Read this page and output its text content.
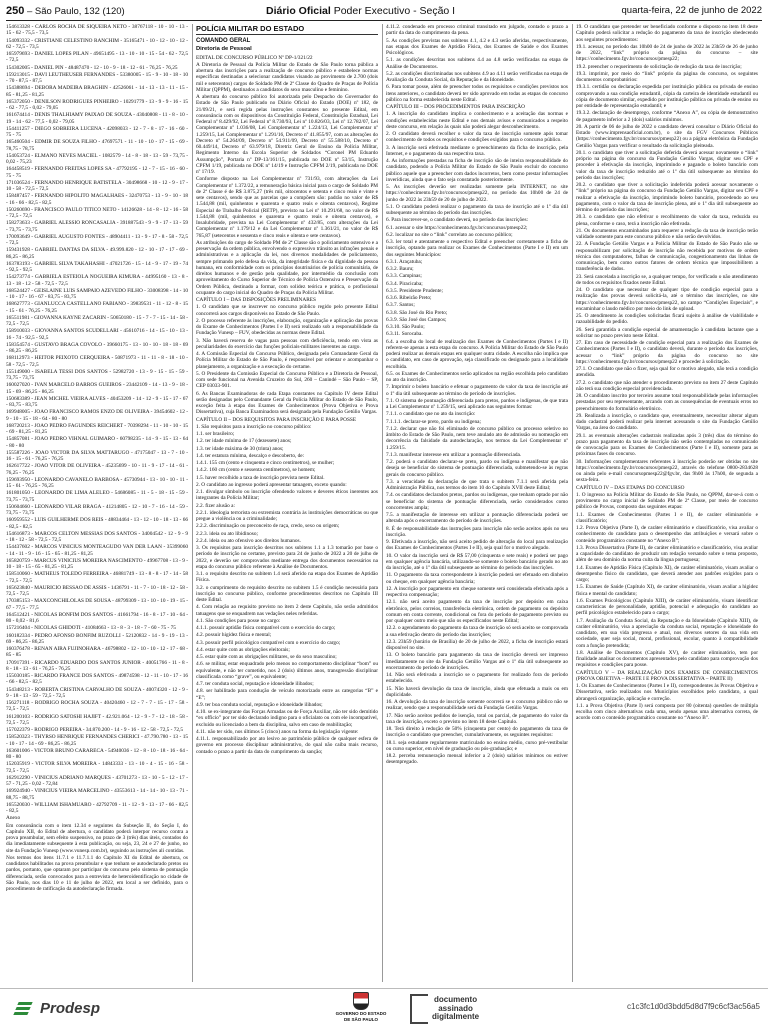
250 – São Paulo, 132 (120)	Diário Oficial Poder Executivo - Seção I	quarta-feira, 22 de junho de 2022

154613328 - CARLOS ROCHA DE SIQUEIRA NETO - 38767118 - 10 - 10 - 13 - 15 - 62 - 75,5 - 73,5

154093332 - CRISTIANE CELESTINO RANCHIM - 35165471 - 10 - 12 - 10 - 12 - 62 - 72,5 - 73,5

165979693 - DANIEL LOPES PILAN - 49651495 - 13 - 10 - 10 - 15 - 54 - 62 - 72,5 - 72,5

154302005 - DANIEL PIN - 48487470 - 12 - 10 - 9 - 18 - 12 - 61 - 76,25 - 76,25

159213015 - DAVI LEUTHEUSER FERNANDES - 53380005 - 15 - 9 - 10 - 18 - 10 - 70 - 87,5 - 87,5

154388694 - DEBORA MADEIRA BRAGHIN - 42526061 - 14 - 13 - 13 - 11 - 15 - 85 - 81,25 - 81,25

165372050 - DENILSON RODRIGUES PINHEIRO - 10291779 - 13 - 9 - 9 - 16 - 15 - 62 - 77,5 - 0,02 - 79,05

161674414 - DENIS THALHIAMY PAIXAO DE SOUZA - 43040808 - 11 - 8 - 10 - 19 - 14 - 62 - 77,5 - 0,02 - 79,05

154411257 - DIEGO SOBREIRA LUCENA - 42098033 - 12 - 7 - 8 - 17 - 16 - 60 - 75 - 75

165460504 - EDMIR DE SOUZA FILHO - 47697571 - 11 - 10 - 10 - 17 - 15 - 69 - 78,75 - 78,75

154053724 - ELMANO NEVES MACIEL - 1082579 - 14 - 8 - 18 - 13 - 59 - 73,75 - 0,02 - 75,23

164458519 - FERNANDO FREITAS LOPES SA - 47792195 - 12 - 7 - 15 - 16 - 60 - 75 - 75

171036524 - FERNANDO HENRIQUE BATISTELA - 30498668 - 10 - 12 - 9 - 17 - 10 - 58 - 72,5 - 72,5

158487457 - FERNANDO HIPOLITO MAGALHAES - 32470753 - 13 - 9 - 10 - 18 - 16 - 66 - 82,5 - 82,5

150260690 - FRANCISCO PAULO TITICO NETO - 14126628 - 14 - 8 - 12 - 16 - 58 - 72,5 - 72,5

158273633 - GABRIEL ALESSIO RONCASALIA - 391887543 - 9 - 9 - 17 - 13 - 59 - 73,75 - 73,75

170093649 - GABRIEL AUGUSTO FONTES - 48904411 - 13 - 9 - 17 - 8 - 58 - 72,5 - 72,5

159431928 - GABRIEL DANTAS DA SILVA - 49.999.820 - 12 - 10 - 17 - 17 - 69 - 86,25 - 86,25

163783193 - GABRIEL SILVA TAKAHASHI - 47021726 - 15 - 14 - 9 - 17 - 19 - 74 - 92,5 - 92,5

154273774 - GABRIELA ESTEIOLA NOGUEIRA KIMURA - 44995160 - 13 - 8 - 13 - 18 - 12 - 58 - 72,5 - 72,5

168524427 - GEISLAINE LUIS SAMPAIO AZEVEDO FILHO - 33008398 - 14 - 10 - 10 - 17 - 16 - 67 - 83,75 - 83,75

168627773 - GIANLUCCA CASTELLANO FABIANO - 39839531 - 11 - 12 - 8 - 15 - 15 - 61 - 76,25 - 76,25

165511981 - GIOVANNA KAYNE ZACARIN - 50650180 - 15 - 7 - 7 - 15 - 14 - 58 - 72,5 - 72,5

158910033 - GIOVANNA SANTOS SCUDELLARI - 45610716 - 14 - 15 - 10 - 13 - 16 - 74 - 92,5 - 92,5

158354574 - GUSTAVO BRAGA COVOLO - 39660175 - 13 - 10 - 10 - 18 - 18 - 69 - 86,25 - 86,25

168112973 - HEITOR PEIXOTO CERQUEIRA - 50871973 - 11 - 11 - 8 - 18 - 10 - 58 - 72,5 - 72,5

155149000 - ISABELA TESSI DOS SANTOS - 52982720 - 13 - 9 - 15 - 15 - 59 - 73,75 - 73,75

160027020 - IVAN MARCELO BARROS GUEIROS - 23442109 - 14 - 13 - 9 - 18 - 15 - 69 - 86,25 - 86,25

150683389 - JEAN MICHEL VIEIRA ALVES - 40453209 - 14 - 12 - 9 - 15 - 17 - 67 - 83,75 - 83,75

169948005 - JOAO FRANCISCO RAMOS ENZO DE OLIVEIRA - 39454602 - 12 - 9 - 10 - 15 - 18 - 64 - 80 - 80

168720213 - JOAO PEDRO FAGUNDES REICHERT - 70398294 - 11 - 10 - 10 - 15 - 69 - 81,25 - 81,25

154857081 - JOAO PEDRO VIHNAL GUIMARO - 60798235 - 14 - 9 - 15 - 13 - 64 - 80 - 80

155587226 - JOAO VICTOR DA SILVA MATTARUGO - 47175047 - 13 - 7 - 10 - 16 - 15 - 61 - 76,25 - 76,25

162617722 - JOAO VITOR DE OLIVEIRA - 45235699 - 10 - 11 - 9 - 17 - 14 - 61 - 76,25 - 76,25

159693950 - LEONARDO CAVANELO BARBOSA - 45730944 - 13 - 10 - 10 - 11 - 15 - 61 - 76,25 - 76,25

161801050 - LEONARDO DE LIMA ALELEO - 54686085 - 11 - 5 - 18 - 15 - 59 - 73,75 - 73,75

150604660 - LEONARDO VILAR BRAGA - 41214805 - 12 - 10 - 7 - 16 - 14 - 59 - 73,75 - 73,75

160959552 - LUIS GUILHERME DOS REIS - 48834464 - 13 - 12 - 10 - 18 - 13 - 66 - 82,5 - 82,5

154616873 - MARCOS CELTON MESSIAS DOS SANTOS - 34004542 - 12 - 9 - 9 - 18 - 12 - 58 - 72,5 - 72,5

154437602 - MARCOS VINICIUS MONTEAGUDO VAN DER LAAN - 35399060 - 14 - 11 - 9 - 16 - 15 - 65 - 81,25 - 81,25

165820759 - MARCUS VINICIUS MOREIRA NASCIMENTO - 49967708 - 13 - 9 - 10 - 18 - 15 - 65 - 81,25 - 81,25

158510060 - MATHEUS TOLEDO FERREIRA - 46881749 - 13 - 8 - 8 - 17 - 14 - 58 - 72,5 - 72,5

165623840 - MAURICIO BESSAO DE ASSIS - 1436791 - 11 - 7 - 10 - 18 - 12 - 58 - 72,5 - 72,5

170385153 - MAXCONCHILOLAS DE SOUSA - 48799309 - 13 - 10 - 10 - 19 - 15 - 67 - 77,5 - 77,5

164512421 - NICOLAS BONFIM DOS SANTOS - 41661794 - 16 - 8 - 17 - 10 - 64 - 80 - 0,02 - 81,6

157216404 - NICOLAS GHIDOTI - 41084663 - 13 - 8 - 3 - 18 - 7 - 60 - 75 - 75

160182334 - PEDRO AFONSO BONFIM RUZOLLI - 52120832 - 14 - 9 - 19 - 13 - 69 - 86,25 - 86,25

160376478 - RENAN AIRA FUJINOHARA - 46798802 - 12 - 10 - 10 - 12 - 17 - 68 - 85 - 85

170917391 - RICARDO EDUARDO DOS SANTOS JUNIOR - 40051766 - 11 - 8 - 8 - 18 - 13 - 61 - 76,25 - 76,25

155030185 - RICARDO FRANCE DOS SANTOS - 49874598 - 12 - 11 - 10 - 17 - 16 - 66 - 82,5 - 82,5

154348213 - ROBERTA CRISTINA CARVALHO DE SOUZA - 40074320 - 12 - 9 - 9 - 18 - 13 - 59 - 72,5 - 72,5

156271118 - RODRIGO ROCHA SOUZA - 40420460 - 12 - 7 - 7 - 15 - 17 - 58 - 72,5 - 72,5

161200103 - RODRIGO SATOSHI HAJIFT - 42.921.064 - 12 - 9 - 7 - 12 - 18 - 58 - 72,5 - 72,5

157022379 - RODRIGO PEREIRA - 34.870.200 - 14 - 9 - 16 - 12 - 58 - 72,5 - 72,5

158520323 - THYRSO HENRIQUE FERNANDES CHERICI - 47.790.780 - 13 - 15 - 10 - 17 - 14 - 69 - 86,25 - 86,25

163601006 - VICTOR BRUNO CARARECA - 54940036 - 12 - 8 - 10 - 18 - 16 - 64 - 80 - 80

152035919 - VICTOR SILVA MOREIRA - 14843333 - 13 - 10 - 4 - 15 - 16 - 58 - 72,5 - 72,5

162912290 - VINICIUS ADRIANO MARQUES - 43701273 - 13 - 10 - 5 - 12 - 17 - 57 - 71,25 - 0,02 - 72,84

169924940 - VINICIUS VIEIRA MARCELINO - 43553613 - 14 - 14 - 10 - 13 - 71 - 88,75 - 88,75

165520030 - WILLIAM ISHAMUARO - 42792709 - 11 - 12 - 9 - 13 - 17 - 66 - 82,5 - 82,5

Anexo

Em consonância com o item 12.34 e seguintes da Subseção II, do Seção I, do Capítulo XII, do Edital de abertura, o candidato poderá interpor recurso contra a prova preambular, sem efeito suspensivo, no prazo de 3 (três) dias úteis, contados do dia imediatamente subsequente à esta publicação, ou seja, 23, 24 e 27 de junho, no site da Fundação Vunesp (www.vunesp.com.br), seguindo as instruções ali contidas.

Nos termos dos itens 11.7.1 e 11.7.1.1 do Capítulo XI do Edital de abertura, os candidatos habilitados na prova preambular e que tenham se autodeclarado pretos ou pardos, portanto, que optaram por participar do concurso pelo sistema de pontuação diferenciada, serão convocados para a entrevista de heteroidentificação no cidade de São Paulo, nos dias 10 e 11 de julho de 2022, em local a ser definido, para o procedimento de ratificação da autodeclaração firmada.

POLÍCIA MILITAR DO ESTADO
COMANDO GERAL
Diretoria de Pessoal

EDITAL DE CONCURSO PÚBLICO Nº DP-1/321/22

A Diretoria de Pessoal da Polícia Militar do Estado de São Paulo torna pública a abertura das inscrições para a realização de concurso público e estabelece normas específicas destinadas a selecionar candidatos visando ao provimento de 2.700 (dois mil e setecentos) cargos de Soldado PM de 2ª Classe do Quadro de Praças de Polícia Militar (QPPM), destinados a candidatos do sexo masculino e feminino.

A abertura do concurso público foi autorizada pelo Despacho do Governador do Estado de São Paulo publicado no Diário Oficial do Estado (DOE) nº 182, de 21/09/21, e será regida pelas instruções constantes no presente Edital, em consonância com os dispositivos da Constituição Federal, Constituição Estadual, Lei Federal nº 8.429/92, Lei Federal nº 8.730/93, Lei nº 10.826/03, Lei nº 12.782/07, Lei Complementar nº 1.036/08, Lei Complementar nº 1.224/13, Lei Complementar nº 1.259/15, Lei Complementar nº 1.291/16, Decreto nº 41.855/97, com as alterações do Decreto nº 54.264/09, Decreto nº 54.911/09, Decreto nº 55.588/10, Decreto nº 60.449/14, Decreto nº 63.979/18, Diretriz Geral de Ensino da Polícia Militar, Regimento Interno da Escola Superior de Soldados “Coronel PM Eduardo Assumpção”, Portaria nº DP-13/161/15, publicada no DOE nº 53/15, Instrução CPFM 1/19, publicada no DOE nº 14/19 e Instrução CPFM 2/19, publicada no DOE nº 17/19.

Conforme disposto na Lei Complementar nº 731/93, com alterações da Lei Complementar nº 1.372/22, a remuneração básica inicial para o cargo de Soldado PM de 2ª Classe é de R$ 3.875,27 (três mil, oitocentos e setenta e cinco reais e vinte e sete centavos), sendo que as parcelas que a compõem são: padrão no valor de R$ 1.544,88 (mil, quinhentos e quarenta e quatro reais e oitenta centavos), Regime Especial de Trabalho Policial (RETP), previsto na Lei nº 10.291/68, no valor de R$ 1.544,88 (mil, quinhentos e quarenta e quatro reais e oitenta centavos), e Insalubridade, prevista na Lei Complementar nº 432/85, com alterações da Lei Complementar nº 1.179/12 e da Lei Complementar nº 1.361/21, no valor de R$ 765,87 (setecentos e sessenta e cinco reais e oitenta e sete centavos).

As atribuições do cargo de Soldado PM de 2ª Classe são o policiamento ostensivo e a preservação da ordem pública, envolvendo o expressivo trânsito as infrações penais e administrativas e a aplicação da lei, nos diversos modalidades de policiamento, sempre primando pelo defesa da vida, da integridade física e da dignidade da pessoa humana, em conformidade com os princípios doutrinários de polícia comunitária, de direitos humanos e de gestão pela qualidade, por intermédio da conclusão com aproveitamento do Curso Superior de Técnico de Polícia Ostensiva e Preservação da Ordem Pública, destinado a formar, com solidez teórica e prática, o profissional ocupante do cargo inicial do Quadro de Praças da Polícia Militar.

CAPÍTULO I – DAS DISPOSIÇÕES PRELIMINARES

1. O candidato que se inscrever no concurso público regido pelo presente Edital concorrerá aos cargos disponíveis no Estado de São Paulo.

2. O processo referente às inscrições, elaboração, organização e aplicação das provas do Exame de Conhecimentos (Partes I e II) será realizado sob a responsabilidade da Fundação Vunesp – FUV, obedecidas as normas deste Edital.

3. Não haverá reserva de vagas para pessoas com deficiência, tendo em vista as peculiaridades do exercício das funções policiais-militares inerentes ao cargo.

4. A Comissão Especial do Concurso Público, designada pelo Comandante Geral da Polícia Militar do Estado de São Paulo, é responsável por orientar e acompanhar o planejamento, a organização e a execução do certame.

5. O Presidente da Comissão Especial do Concurso Público e a Diretoria de Pessoal, com sede funcional na Avenida Cruzeiro do Sul, 260 – Canindé – São Paulo – SP, CEP 03033-901.

6. As Bancas Examinadoras de cada Etapa constantes no Capítulo IV deste Edital serão designadas pelo Comandante Geral da Polícia Militar do Estado de São Paulo, exceção feita à etapa dos Exames de Conhecimentos (Prova Objetiva e Prova Dissertativa), cuja Banca Examinadora será designada pela Fundação Getúlio Vargas.

CAPÍTULO II – DOS REQUISITOS PARA INSCRIÇÃO E PARA POSSE

1. São requisitos para a inscrição no concurso público:

1.1. ser brasileiro;

1.2. ter idade mínima de 17 (dezessete) anos;

1.3. ter idade máxima de 30 (trinta) anos;

1.4. ter estatura mínima, descalço e descoberto, de:

1.4.1. 155 cm (cento e cinquenta e cinco centímetros), se mulher;

1.4.2. 160 cm (cento e sessenta centímetros), se homem;

1.5. haver recolhido a taxa de inscrição prevista neste Edital.

2. O candidato ao ingresso poderá apresentar tatuagem, exceto quando:

2.1. divulgar símbolo ou inscrição ofendendo valores e deveres éticos inerentes aos integrantes da Polícia Militar;

2.2. fizer alusão a:

2.2.1. ideologia terrorista ou extremista contrária às instituições democráticas ou que pregue a violência ou a criminalidade;

2.2.2. discriminação ou preconceito de raça, credo, sexo ou origem;

2.2.3. ideia ou ato libidinoso;

2.2.4. ideia ou ato ofensivo aos direitos humanos.

3. Os requisitos para inscrição descritos nos subitens 1.1 a 1.3 tomarão por base o período de inscrição no certame, previsto para 24 de junho de 2022 a 20 de julho de 2022, e deverão ser comprovados mediante entrega dos documentos necessários na etapa do concurso público referente à Análise de Documentos.

3.1. o requisito descrito no subitem 1.4 será aferido na etapa dos Exames de Aptidão Física.

3.2. o cumprimento do requisito descrito no subitem 1.5 é condição necessária para inscrição no concurso público, conforme procedimentos descritos no Capítulo III deste Edital.

4. Com relação ao requisito previsto no item 2 deste Capítulo, não serão admitidos tatuagens que se enquadrem nas vedações neles referidas.

4.1. São condições para posse no cargo:

4.1.1. possuir aptidão física compatível com o exercício do cargo;

4.2. possuir higidez física e mental;

4.3. possuir perfil psicológico compatível com o exercício do cargo;

4.4. estar quite com as obrigações eleitorais;

4.5. estar quite com as obrigações militares, se do sexo masculino;

4.6. se militar, estar enquadrado pelo menos no comportamento disciplinar “bom” ou equivalente, e não ter cometido, nos 2 (dois) últimos anos, transgressão disciplinar classificada como “grave”, ou equivalente;

4.7. ter conduta social, reputação e idoneidade ilibados;

4.8. ser habilitado para condução de veículo motorizado entre as categorias “B” e “E”;

4.9. ter boa conduta social, reputação e idoneidade ilibados;

4.10. se ex-integrante das Forças Armadas ou de Força Auxiliar, não ter sido demitido “ex officio” por ter sido declarado indigno para o oficialato ou com ele incompatível, excluído ou licenciado a bem da disciplina, salvo em caso de reabilitação;

4.11. não ter sido, nos últimos 5 (cinco) anos na forma da legislação vigente:

4.11.1. responsabilizado por ato lesivo ao patrimônio público de qualquer esfera de governo em processo disciplinar administrativo, do qual não caiba mais recurso, contado o prazo a partir da data do cumprimento da sanção;

4.11.2. condenado em processo criminal transitado em julgado, contado o prazo a partir da data do cumprimento da pena.

5. As condições previstas nos subitens 4.1, 4.2 e 4.3 serão aferidas, respectivamente, nas etapas dos Exames de Aptidão Física, dos Exames de Saúde e dos Exames Psicológicos.

5.1. as condições descritas nos subitens 4.4 ao 4.8 serão verificadas na etapa de Análise de Documentos.

5.2. as condições discriminadas nos subitens 4.9 ao 4.11 serão verificadas na etapa de Avaliação da Conduta Social, da Reputação e da Idoneidade.

6. Para tomar posse, além de preencher todos os requisitos e condições previstos nos itens anteriores, o candidato deverá ter sido aprovado em todas as etapas do concurso público na forma estabelecida neste Edital.

CAPÍTULO III – DOS PROCEDIMENTOS PARA INSCRIÇÃO

1. A inscrição do candidato implica o conhecimento e a aceitação das normas e condições estabelecidas neste Edital e nos demais avisos e comunicados a respeito deste concurso, em relação às quais não poderá alegar desconhecimento.

2. O candidato deverá recolher o valor da taxa de inscrição somente após tomar conhecimento de todos os requisitos e condições exigidos para o concurso público.

3. A inscrição será efetivada mediante o preenchimento da ficha de inscrição, pela Internet, e o pagamento da sua respectiva taxa.

4. As informações prestadas na ficha de inscrição são de inteira responsabilidade do candidato, podendo a Polícia Militar do Estado de São Paulo excluir do concurso público aquele que a preencher com dados incorretos, bem como prestar informações inverídicas, ainda que o fato seja constatado posteriormente.

5. As inscrições deverão ser realizadas somente pela INTERNET, no site https://conhecimento.fgv.br/concursos/pmesp22, no período das 10h00 de 24 de junho de 2022 às 23h59 de 20 de julho de 2022.

5.1. O candidato poderá realizar o pagamento da taxa de inscrição até o 1º dia útil subsequente ao término do período das inscrições.

6. Para inscrever-se, o candidato deverá, no período das inscrições:

6.1. acessar o site https://conhecimento.fgv.br/concursos/pmesp22;

6.2. localizar no site o “link” correlato ao concurso público;

6.3. ler total e atentamente o respectivo Edital e preencher corretamente a ficha de inscrição, optando para realizar os Exames de Conhecimentos (Parte I e II) em um dos seguintes Municípios:

6.3.1. Araçatuba;

6.3.2. Bauru;

6.3.3. Campinas;

6.3.4. Piracicaba;

6.3.5. Presidente Prudente;

6.3.6. Ribeirão Preto;

6.3.7. Santos;

6.3.8. São José do Rio Preto;

6.3.9. São José dos Campos;

6.3.10. São Paulo;

6.3.11. Sorocaba.

6.4. a escolha do local de realização dos Exames de Conhecimentos (Partes I e II) referem-se apenas a esta etapa do concurso. A Polícia Militar do Estado de São Paulo poderá realizar as demais etapas em qualquer outra cidade. A escolha não implica que o candidato, em caso de aprovação, seja classificado ou designado para a localidade escolhida.

6.5. os Exames de Conhecimentos serão aplicados na região escolhida pelo candidato no ato da inscrição.

7. Imprimir o boleto bancário e efetuar o pagamento do valor da taxa de inscrição até o 1º dia útil subsequente ao término do período de inscrições.

7.1. O sistema de pontuação diferenciada para pretos, pardos e indígenas, de que trata a Lei Complementar nº 1.259/15, será aplicado nas seguintes formas:

7.1.1. o candidato que no ato da inscrição:

7.1.1.1. declarar-se preto, pardo ou indígena;

7.1.2. declarar que não foi eliminado de concurso público ou processo seletivo no âmbito do Estado de São Paulo, nem teve anulado ato de admissão ou nomeação em decorrência da falsidade da autodeclaração, nos termos da Lei Complementar nº 1.259/15.

7.1.3. manifestar interesse em utilizar a pontuação diferenciada.

7.2. poderá o candidato declarar-se preto, pardo ou indígena e manifestar que não deseja se beneficiar do sistema de pontuação diferenciada, submetendo-se às regras gerais do concurso público.

7.3. a veracidade da declaração de que trata o subitem 7.1.1 será aferida pela Administração Pública, nos termos do item 10 do Capítulo XVII deste Edital;

7.4. os candidatos declarados pretos, pardos ou indígenas, que tenham optado por não se beneficiar do sistema de pontuação diferenciada, serão considerados como concorrentes ampla;

7.5. a manifestação de interesse em utilizar a pontuação diferenciada poderá ser alterada após o encerramento do período de inscrições.

8. É de responsabilidade das instruções para inscrição não serão aceitos após no seu inscrição.

9. Efetivada a inscrição, não será aceito pedido de alteração do local para realização dos Exames de Conhecimentos (Partes I e II), seja qual for o motivo alegado.

10. O valor da inscrição será de R$ 57,00 (cinquenta e sete reais) e poderá ser pago em qualquer agência bancária, utilizando-se somente o boleto bancário gerado no ato da inscrição, até o 1º dia útil subsequente ao término do período das inscrições.

11. O pagamento da taxa correspondente à inscrição poderá ser efetuado em dinheiro ou cheque, em qualquer agência bancária;

12. A inscrição por pagamento em cheque somente será considerada efetivada após a respectiva compensação;

12.1. não será aceito pagamento da taxa de inscrição por depósito em caixa eletrônico, pelos correios, transferência eletrônica, ordem de pagamento ou depósito comum em conta corrente, condicional ou fora do período de pagamento previsto ou por qualquer outro meio que não os especificados neste Edital;

12.2. o agendamento do pagamento da taxa de inscrição só será aceito se comprovada a sua efetivação dentro do período das inscrições;

12.3. 23h59 (horário de Brasília) de 20 de julho de 2022, a ficha de inscrição estará disponível no site.

13. O boleto bancário para pagamento da taxa de inscrição deverá ser impresso imediatamente no site da Fundação Getúlio Vargas até o 1º dia útil subsequente ao encerramento do período de inscrições.

14. Não será efetivada a inscrição se o pagamento for realizado fora do período estabelecido.

15. Não haverá devolução da taxa de inscrição, ainda que efetuada a mais ou em duplicidade.

16. A devolução da taxa de inscrição somente ocorrerá se o concurso público não se realizar, sendo que a responsabilidade será da Fundação Getúlio Vargas.

17. Não serão aceitos pedidos de isenção, total ou parcial, de pagamento do valor da taxa de inscrição, exceto o previsto no item 18 deste Capítulo.

18. Terá direito à redução de 50% (cinquenta por cento) do pagamento da taxa de inscrição o candidato que preencher, cumulativamente, os seguintes requisitos:

18.1. seja estudante regularmente matriculado no ensino médio, curso pré-vestibular ou curso superior, em nível de graduação ou pós-graduação; e

18.2. perceba remuneração mensal inferior a 2 (dois) salários mínimos ou estiver desempregado.

19. O candidato que pretender ser beneficiado conforme o disposto no item 18 deste Capítulo poderá solicitar a redução do pagamento da taxa de inscrição obedecendo aos seguintes procedimentos:

19.1. acessar, no período das 10h00 de 24 de junho de 2022 às 23h59 de 26 de junho de 2022, “link” próprio da página do concurso – site https://conhecimento.fgv.br/concursos/pmesp22;

19.2. preencher o requerimento de solicitação de redução da taxa de inscrição;

19.3. imprimir, por meio do “link” próprio da página do concurso, os seguintes documentos comprobatórios:

19.3.1. certidão ou declaração expedida por instituição pública ou privada de ensino comprovando a sua condição estudantil, cópia da carteira de identidade estudantil ou cópia de documento similar, expedido por instituição pública ou privada de ensino ou por entidade de representação estudantil; e

19.3.2. declaração de desemprego, conforme “Anexo A”, ou cópia de demonstrativo de pagamento inferior a 2 (dois) salários mínimos.

20. A partir de 06 de julho de 2022 o candidato deverá consultar o Diário Oficial do Estado (www.imprensaoficial.com.br), o site da FGV Concursos Públicos (https://conhecimento.fgv.br/concursos/pmesp22) ou a página eletrônica da Fundação Getúlio Vargas para verificar o resultado da solicitação pleiteada.

20.1. o candidato que tiver a solicitação deferida deverá acessar novamente o “link” próprio na página do concurso da Fundação Getúlio Vargas, digitar seu CPF e proceder à efetivação da inscrição, imprimindo e pagando o boleto bancário com valor da taxa de inscrição reduzido até o 1º dia útil subsequente ao término do período das inscrições;

20.2. o candidato que tiver a solicitação indeferida poderá acessar novamente o “link” próprio na página do concurso da Fundação Getúlio Vargas, digitar seu CPF e realizar a efetivação da inscrição, imprimindo boleto bancário, procedendo ao seu pagamento, com o valor da taxa de inscrição plena, até o 1º dia útil subsequente ao término do período das inscrições;

20.3. o candidato que não efetivar o recolhimento do valor da taxa, reduzida ou plena, conforme o caso, terá a inscrição não efetivada.

21. Os documentos encaminhados para requerer a redução da taxa de inscrição terão validade somente para este concurso público e não serão devolvidos.

22. A Fundação Getúlio Vargas e a Polícia Militar do Estado de São Paulo não se responsabilizam por solicitação de inscrição não recebida por motivos de ordem técnica dos computadores, falhas de comunicação, congestionamento das linhas de comunicação, bem como outros fatores de ordem técnica que impossibilitem a transferência de dados.

23. Será cancelada a inscrição se, a qualquer tempo, for verificado o não atendimento de todos os requisitos fixados neste Edital.

24. O candidato que necessitar de qualquer tipo de condição especial para a realização das provas deverá solicitá-la, até o término das inscrições, no site https://conhecimento.fgv.br/concursos/pmesp22, no campo “Condições Especiais”, e encaminhar o laudo médico por meio do link de upload.

25. O atendimento às condições solicitadas ficará sujeito à análise de viabilidade e razoabilidade do pedido.

26. Será garantida a condição especial de amamentação à candidata lactante que a solicitar no prazo previsto neste Edital.

27. Em caso de necessidade de condição especial para a realização dos Exames de Conhecimentos (Partes I e II), o candidato deverá, durante o período das inscrições, acessar o “link” próprio da página do concurso no site https://conhecimento.fgv.br/concursos/pmesp22 e proceder à solicitação.

27.1. O candidato que não o fizer, seja qual for o motivo alegado, não terá a condição atendida.

27.2. o candidato que não atender o procedimento previsto no item 27 deste Capítulo não terá sua condição especial providenciada.

28. O candidato inscrito por terceiro assume total responsabilidade pelas informações prestadas por seu representante, arcando com as consequências de eventuais erros no preenchimento do formulário eletrônico.

29. Realizada a inscrição, o candidato que, eventualmente, necessitar alterar algum dado cadastral poderá realizar pela internet acessando o site da Fundação Getúlio Vargas, na área do candidato.

29.1. as eventuais alterações cadastrais realizadas após 3 (três) dias do término do prazo para pagamento da taxa de inscrição não serão contempladas no comunicado de convocação para os Exames de Conhecimentos (Parte I e II), somente para as próximas fases do concurso.

30. Informações complementares referentes à inscrição poderão ser obtidas no site https://conhecimento.fgv.br/concursos/pmesp22, através do telefone 0800-2834628 ou ainda pelo e-mail concursopmesp22@fgv.br, das 9h00 às 17h00, de segunda a sexta-feira.

CAPÍTULO IV – DAS ETAPAS DO CONCURSO

1. O ingresso na Polícia Militar do Estado de São Paulo, no QPPM, dar-se-á com o provimento no cargo inicial de Soldado PM de 2ª Classe, por meio de concurso público de Provas, composto das seguintes etapas:

1.1. Exames de Conhecimentos (Partes I e II), de caráter eliminatório e classificatório;

1.2. Prova Objetiva (Parte I), de caráter eliminatório e classificatório, visa avaliar o conhecimento do candidato para o desempenho das atribuições e versará sobre o conteúdo programático constante no “Anexo B”;

1.3. Prova Dissertativa (Parte II), de caráter eliminatório e classificatório, visa avaliar a capacidade do candidato de produzir um redação versando sobre o tema proposto, além de seu domínio da norma culta da língua portuguesa;

1.4. Exames de Aptidão Física (Capítulo XI), de caráter eliminatório, visam avaliar o desempenho físico do candidato, que deverá atender aos padrões exigidos para o cargo;

1.5. Exames de Saúde (Capítulo XI), de caráter eliminatório, visam avaliar a higidez física e mental do candidato;

1.6. Exames Psicológicos (Capítulo XIII), de caráter eliminatório, visam identificar características de personalidade, aptidão, potencial e adequação do candidato ao perfil psicológico estabelecido para o cargo;

1.7. Avaliação da Conduta Social, da Reputação e da Idoneidade (Capítulo XIII), de caráter eliminatório, visa a apreciação da conduta social, reputação e idoneidade do candidato, em sua vida pregressa e atual, nos diversos setores da sua vida em sociedade, quer seja social, moral, profissional, escolar, quanto à compatibilidade com a função pretendida;

1.8. Análise de Documentos (Capítulo XV), de caráter eliminatório, tem por finalidade analisar os documentos apresentados pelo candidato para comprovação dos requisitos e condições para posse.

CAPÍTULO V – DA REALIZAÇÃO DOS EXAMES DE CONHECIMENTOS (PROVA OBJETIVA – PARTE I E PROVA DISSERTATIVA – PARTE II)

1. Os Exames de Conhecimentos (Partes I e II), correspondentes às Provas Objetiva e Dissertativa, serão realizados nos Municípios escolhidos pelo candidato, a qual abrangerá organização, aplicação e correção.

1.1. a Prova Objetiva (Parte I) será composta por 80 (oitenta) questões de múltipla escolha com cinco alternativas cada uma, sendo apenas uma alternativa correta, de acordo com o conteúdo programático constante no “Anexo B”.

Prodesp	GOVERNO DO ESTADO
DE SÃO PAULO
documento
assinado
digitalmente
c1c3fc1d0d3bdd5d8d7f9c6cf3ac56a5
